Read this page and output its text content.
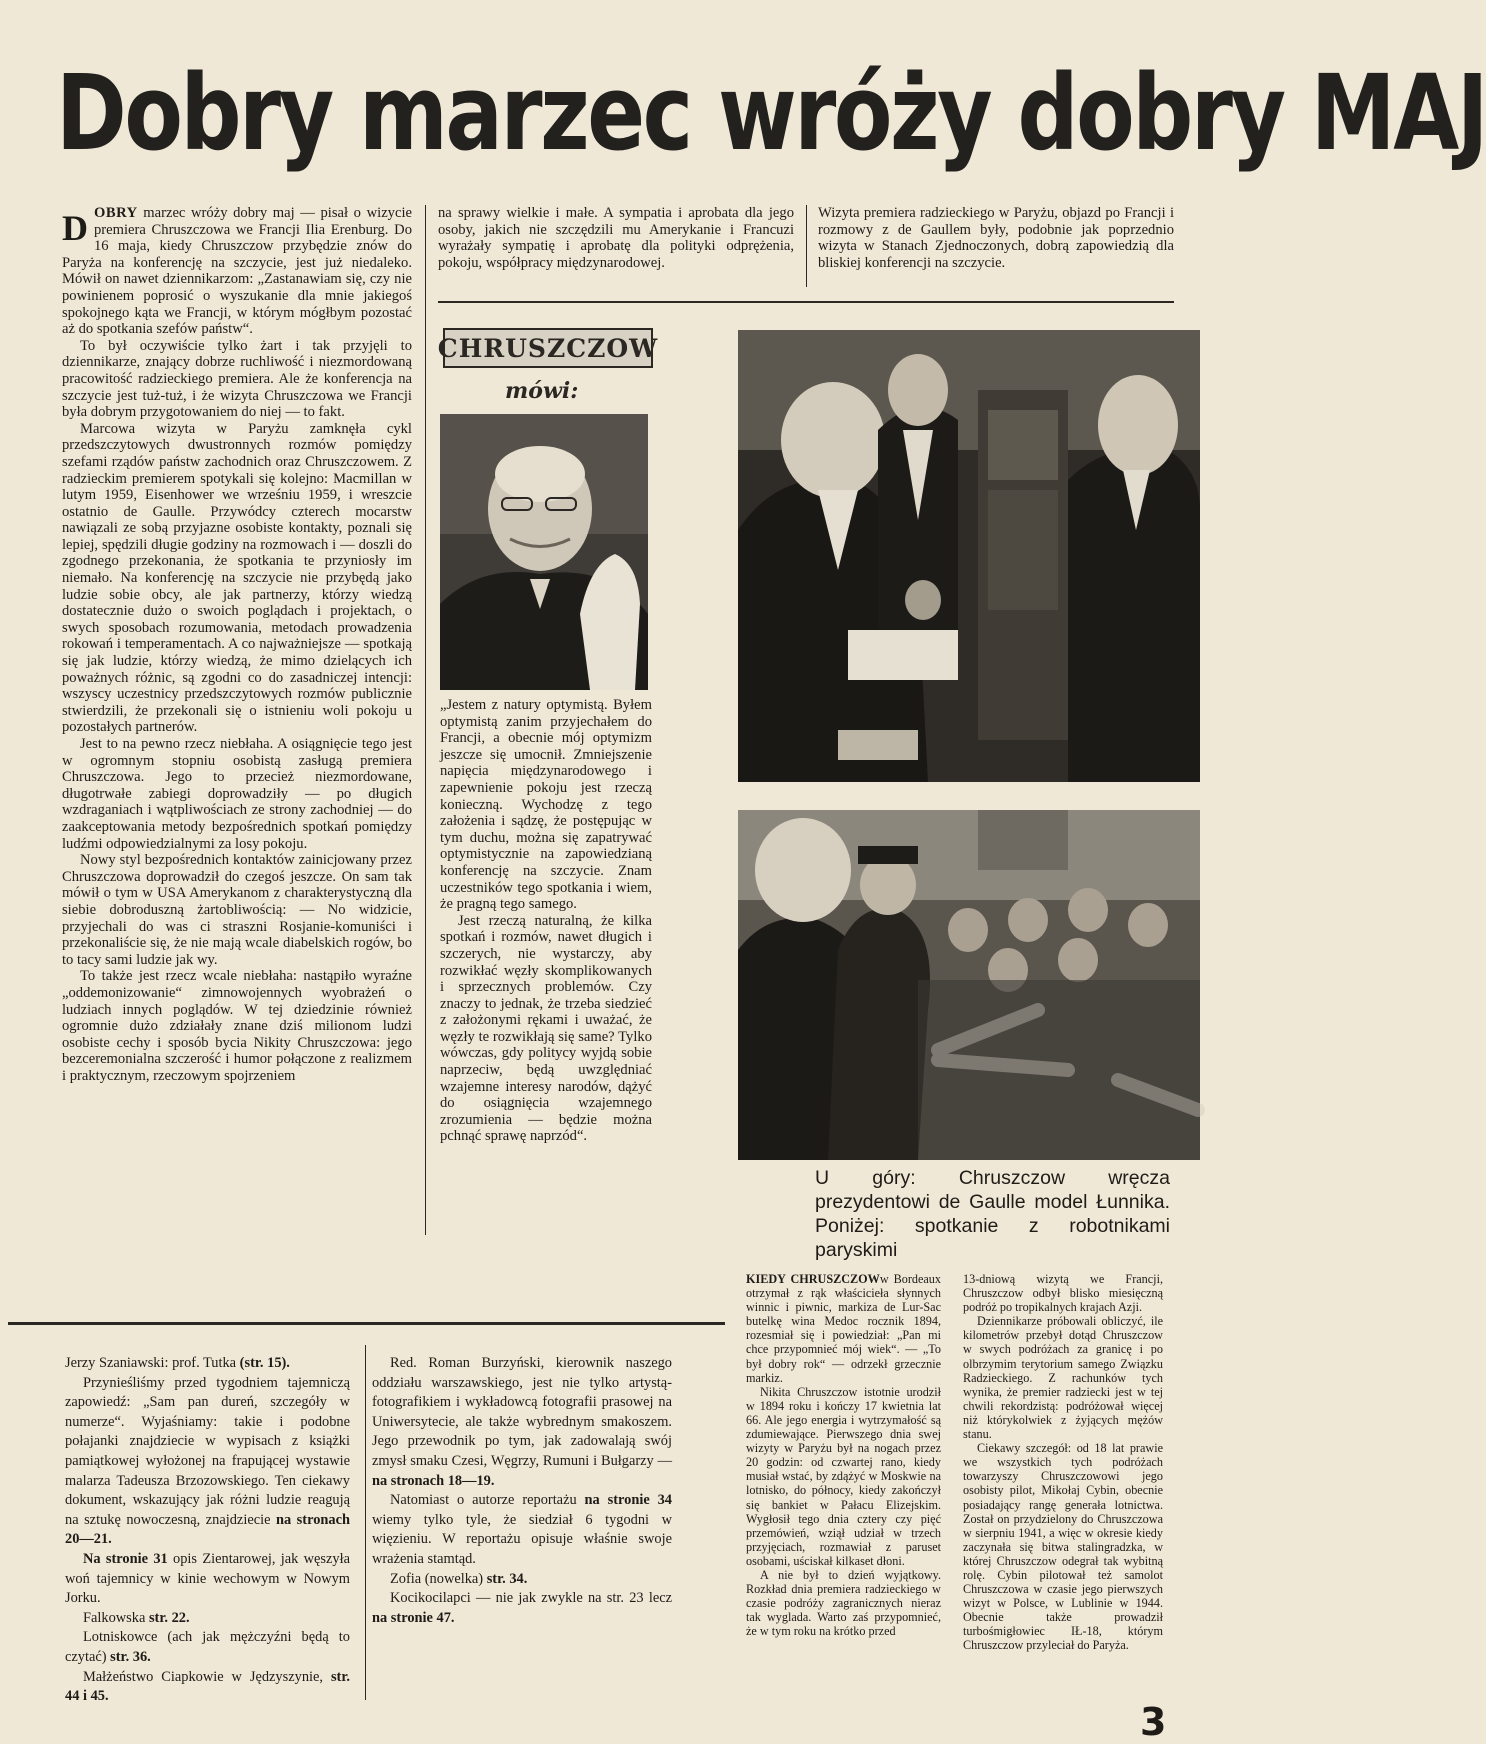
Dobry marzec wróży dobry MAJ

DOBRY marzec wróży dobry maj — pisał o wizycie premiera Chruszczowa we Francji Ilia Erenburg. Do 16 maja, kiedy Chruszczow przybędzie znów do Paryża na konferencję na szczycie, jest już niedaleko. Mówił on nawet dziennikarzom: „Zastanawiam się, czy nie powinienem poprosić o wyszukanie dla mnie jakiegoś spokojnego kąta we Francji, w którym mógłbym pozostać aż do spotkania szefów państw“.

To był oczywiście tylko żart i tak przyjęli to dziennikarze, znający dobrze ruchliwość i niezmordowaną pracowitość radzieckiego premiera. Ale że konferencja na szczycie jest tuż-tuż, i że wizyta Chruszczowa we Francji była dobrym przygotowaniem do niej — to fakt.

Marcowa wizyta w Paryżu zamknęła cykl przedszczytowych dwustronnych rozmów pomiędzy szefami rządów państw zachodnich oraz Chruszczowem. Z radzieckim premierem spotykali się kolejno: Macmillan w lutym 1959, Eisenhower we wrześniu 1959, i wreszcie ostatnio de Gaulle. Przywódcy czterech mocarstw nawiązali ze sobą przyjazne osobiste kontakty, poznali się lepiej, spędzili długie godziny na rozmowach i — doszli do zgodnego przekonania, że spotkania te przyniosły im niemało. Na konferencję na szczycie nie przybędą jako ludzie sobie obcy, ale jak partnerzy, którzy wiedzą dostatecznie dużo o swoich poglądach i projektach, o swych sposobach rozumowania, metodach prowadzenia rokowań i temperamentach. A co najważniejsze — spotkają się jak ludzie, którzy wiedzą, że mimo dzielących ich poważnych różnic, są zgodni co do zasadniczej intencji: wszyscy uczestnicy przedszczytowych rozmów publicznie stwierdzili, że przekonali się o istnieniu woli pokoju u pozostałych partnerów.

Jest to na pewno rzecz niebłaha. A osiągnięcie tego jest w ogromnym stopniu osobistą zasługą premiera Chruszczowa. Jego to przecież niezmordowane, długotrwałe zabiegi doprowadziły — po długich wzdraganiach i wątpliwościach ze strony zachodniej — do zaakceptowania metody bezpośrednich spotkań pomiędzy ludźmi odpowiedzialnymi za losy pokoju.

Nowy styl bezpośrednich kontaktów zainicjowany przez Chruszczowa doprowadził do czegoś jeszcze. On sam tak mówił o tym w USA Amerykanom z charakterystyczną dla siebie dobroduszną żartobliwością: — No widzicie, przyjechali do was ci straszni Rosjanie-komuniści i przekonaliście się, że nie mają wcale diabelskich rogów, bo to tacy sami ludzie jak wy.

To także jest rzecz wcale niebłaha: nastąpiło wyraźne „oddemonizowanie“ zimnowojennych wyobrażeń o ludziach innych poglądów. W tej dziedzinie również ogromnie dużo zdziałały znane dziś milionom ludzi osobiste cechy i sposób bycia Nikity Chruszczowa: jego bezceremonialna szczerość i humor połączone z realizmem i praktycznym, rzeczowym spojrzeniem

na sprawy wielkie i małe. A sympatia i aprobata dla jego osoby, jakich nie szczędzili mu Amerykanie i Francuzi wyrażały sympatię i aprobatę dla polityki odprężenia, pokoju, współpracy międzynarodowej.

Wizyta premiera radzieckiego w Paryżu, objazd po Francji i rozmowy z de Gaullem były, podobnie jak poprzednio wizyta w Stanach Zjednoczonych, dobrą zapowiedzią dla bliskiej konferencji na szczycie.

CHRUSZCZOW
mówi:

„Jestem z natury optymistą. Byłem optymistą zanim przyjechałem do Francji, a obecnie mój optymizm jeszcze się umocnił. Zmniejszenie napięcia międzynarodowego i zapewnienie pokoju jest rzeczą konieczną. Wychodzę z tego założenia i sądzę, że postępując w tym duchu, można się zapatrywać optymistycznie na zapowiedzianą konferencję na szczycie. Znam uczestników tego spotkania i wiem, że pragną tego samego.

Jest rzeczą naturalną, że kilka spotkań i rozmów, nawet długich i szczerych, nie wystarczy, aby rozwikłać węzły skomplikowanych i sprzecznych problemów. Czy znaczy to jednak, że trzeba siedzieć z założonymi rękami i uważać, że węzły te rozwikłają się same? Tylko wówczas, gdy politycy wyjdą sobie naprzeciw, będą uwzględniać wzajemne interesy narodów, dążyć do osiągnięcia wzajemnego zrozumienia — będzie można pchnąć sprawę naprzód“.

U góry: Chruszczow wręcza prezydentowi de Gaulle model Łunnika. Poniżej: spotkanie z robotnikami paryskimi

Jerzy Szaniawski: prof. Tutka (str. 15).

Przynieśliśmy przed tygodniem tajemniczą zapowiedź: „Sam pan dureń, szczegóły w numerze“. Wyjaśniamy: takie i podobne połajanki znajdziecie w wypisach z książki pamiątkowej wyłożonej na frapującej wystawie malarza Tadeusza Brzozowskiego. Ten ciekawy dokument, wskazujący jak różni ludzie reagują na sztukę nowoczesną, znajdziecie na stronach 20—21.

Na stronie 31 opis Zientarowej, jak węszyła woń tajemnicy w kinie wechowym w Nowym Jorku.

Falkowska str. 22.

Lotniskowce (ach jak mężczyźni będą to czytać) str. 36.

Małżeństwo Ciapkowie w Jędzyszynie, str. 44 i 45.

Red. Roman Burzyński, kierownik naszego oddziału warszawskiego, jest nie tylko artystą-fotografikiem i wykładowcą fotografii prasowej na Uniwersytecie, ale także wybrednym smakoszem. Jego przewodnik po tym, jak zadowalają swój zmysł smaku Czesi, Węgrzy, Rumuni i Bułgarzy — na stronach 18—19.

Natomiast o autorze reportażu na stronie 34 wiemy tylko tyle, że siedział 6 tygodni w więzieniu. W reportażu opisuje właśnie swoje wrażenia stamtąd.

Zofia (nowelka) str. 34.

Kocikocilapci — nie jak zwykle na str. 23 lecz na stronie 47.

KIEDY CHRUSZCZOWw Bordeaux otrzymał z rąk właścicieła słynnych winnic i piwnic, markiza de Lur-Sac butelkę wina Medoc rocznik 1894, rozesmiał się i powiedział: „Pan mi chce przypomnieć mój wiek“. — „To był dobry rok“ — odrzekł grzecznie markiz.

Nikita Chruszczow istotnie urodził w 1894 roku i kończy 17 kwietnia lat 66. Ale jego energia i wytrzymałość są zdumiewające. Pierwszego dnia swej wizyty w Paryżu był na nogach przez 20 godzin: od czwartej rano, kiedy musiał wstać, by zdążyć w Moskwie na lotnisko, do północy, kiedy zakończył się bankiet w Pałacu Elizejskim. Wygłosił tego dnia cztery czy pięć przemówień, wziął udział w trzech przyjęciach, rozmawiał z paruset osobami, uściskał kilkaset dłoni.

A nie był to dzień wyjątkowy. Rozkład dnia premiera radzieckiego w czasie podróży zagranicznych nieraz tak wyglada. Warto zaś przypomnieć, że w tym roku na krótko przed

13-dniową wizytą we Francji, Chruszczow odbył blisko miesięczną podróż po tropikalnych krajach Azji.

Dziennikarze próbowali obliczyć, ile kilometrów przebył dotąd Chruszczow w swych podróżach za granicę i po olbrzymim terytorium samego Związku Radzieckiego. Z rachunków tych wynika, że premier radziecki jest w tej chwili rekordzistą: podróżował więcej niż którykolwiek z żyjących mężów stanu.

Ciekawy szczegół: od 18 lat prawie we wszystkich tych podróżach towarzyszy Chruszczowowi jego osobisty pilot, Mikołaj Cybin, obecnie posiadający rangę generała lotnictwa. Został on przydzielony do Chruszczowa w sierpniu 1941, a więc w okresie kiedy zaczynała się bitwa stalingradzka, w której Chruszczow odegrał tak wybitną rolę. Cybin pilotował też samolot Chruszczowa w czasie jego pierwszych wizyt w Polsce, w Lublinie w 1944. Obecnie także prowadził turbośmigłowiec IŁ-18, którym Chruszczow przyleciał do Paryża.

3
